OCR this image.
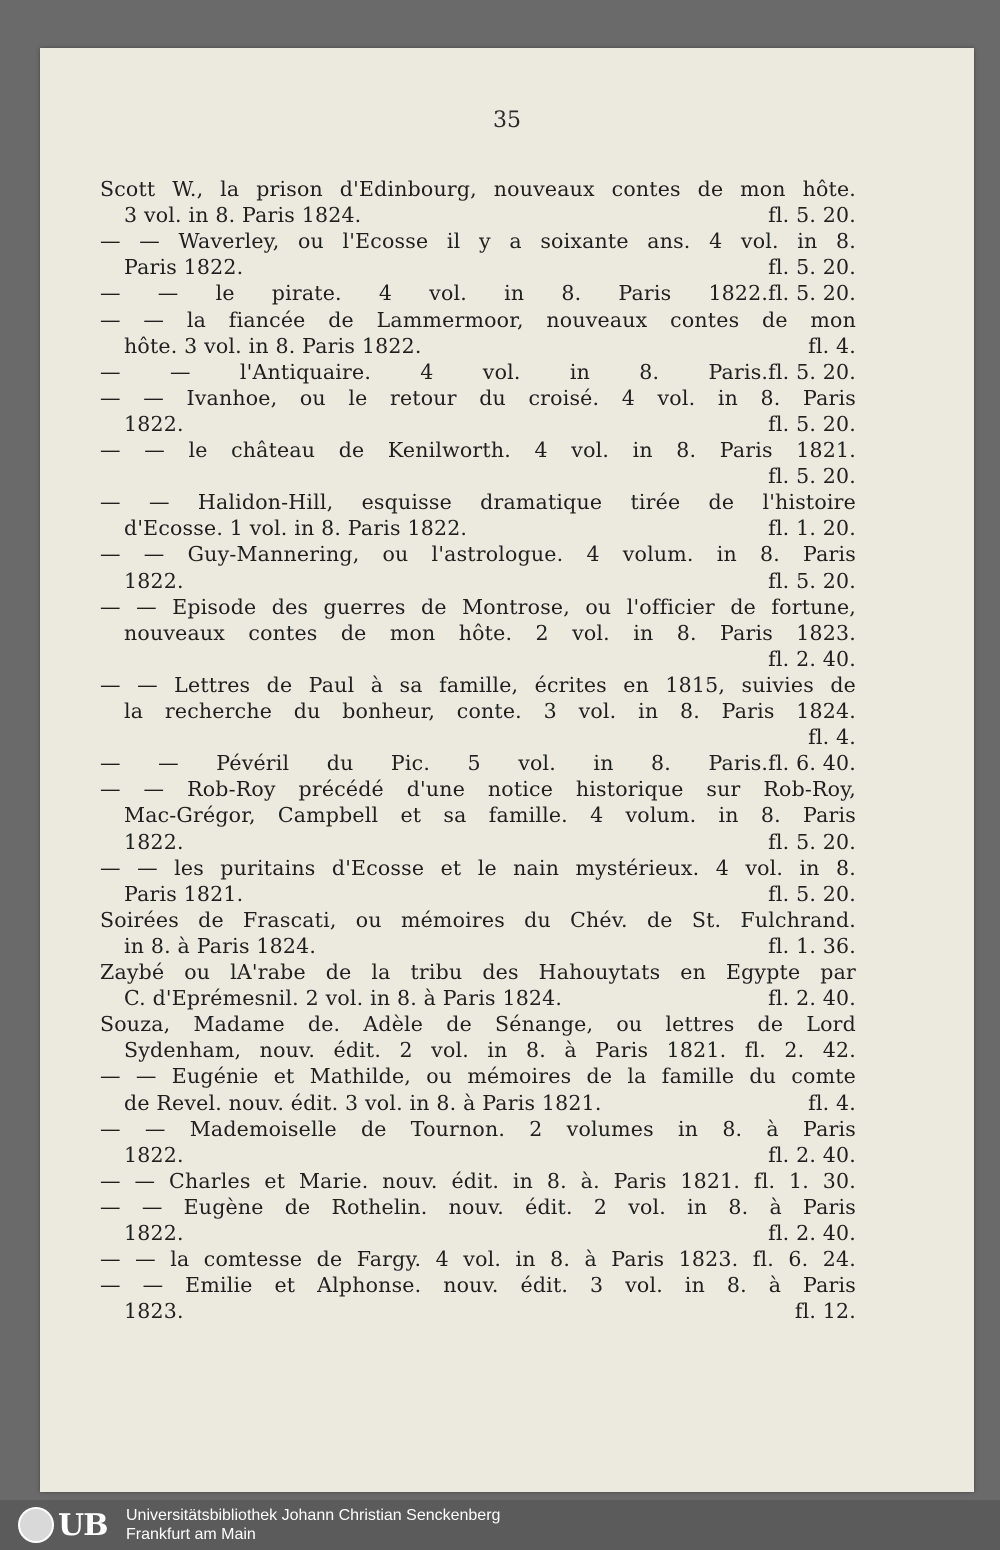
35
Scott W., la prison d'Edinbourg, nouveaux contes de mon hôte.
fl. 5. 20.
3 vol. in 8. Paris 1824.
— — Waverley, ou l'Ecosse il y a soixante ans. 4 vol. in 8.
fl. 5. 20.
Paris 1822.
fl. 5. 20.
— — le pirate. 4 vol. in 8. Paris 1822.
— — la fiancée de Lammermoor, nouveaux contes de mon
fl. 4.
hôte. 3 vol. in 8. Paris 1822.
fl. 5. 20.
— — l'Antiquaire. 4 vol. in 8. Paris.
— — Ivanhoe, ou le retour du croisé. 4 vol. in 8. Paris
fl. 5. 20.
1822.
— — le château de Kenilworth. 4 vol. in 8. Paris 1821.
fl. 5. 20.
— — Halidon-Hill, esquisse dramatique tirée de l'histoire
fl. 1. 20.
d'Ecosse. 1 vol. in 8. Paris 1822.
— — Guy-Mannering, ou l'astrologue. 4 volum. in 8. Paris
fl. 5. 20.
1822.
— — Episode des guerres de Montrose, ou l'officier de fortune,
nouveaux contes de mon hôte. 2 vol. in 8. Paris 1823.
fl. 2. 40.
— — Lettres de Paul à sa famille, écrites en 1815, suivies de
la recherche du bonheur, conte. 3 vol. in 8. Paris 1824.
fl. 4.
fl. 6. 40.
— — Pévéril du Pic. 5 vol. in 8. Paris.
— — Rob-Roy précédé d'une notice historique sur Rob-Roy,
Mac-Grégor, Campbell et sa famille. 4 volum. in 8. Paris
fl. 5. 20.
1822.
— — les puritains d'Ecosse et le nain mystérieux. 4 vol. in 8.
fl. 5. 20.
Paris 1821.
Soirées de Frascati, ou mémoires du Chév. de St. Fulchrand.
fl. 1. 36.
in 8. à Paris 1824.
Zaybé ou lA'rabe de la tribu des Hahouytats en Egypte par
fl. 2. 40.
C. d'Eprémesnil. 2 vol. in 8. à Paris 1824.
Souza, Madame de. Adèle de Sénange, ou lettres de Lord
Sydenham, nouv. édit. 2 vol. in 8. à Paris 1821. fl. 2. 42.
— — Eugénie et Mathilde, ou mémoires de la famille du comte
fl. 4.
de Revel. nouv. édit. 3 vol. in 8. à Paris 1821.
— — Mademoiselle de Tournon. 2 volumes in 8. à Paris
fl. 2. 40.
1822.
— — Charles et Marie. nouv. édit. in 8. à. Paris 1821. fl. 1. 30.
— — Eugène de Rothelin. nouv. édit. 2 vol. in 8. à Paris
fl. 2. 40.
1822.
— — la comtesse de Fargy. 4 vol. in 8. à Paris 1823. fl. 6. 24.
— — Emilie et Alphonse. nouv. édit. 3 vol. in 8. à Paris
fl. 12.
1823.
UB Universitätsbibliothek Johann Christian Senckenberg
Frankfurt am Main
